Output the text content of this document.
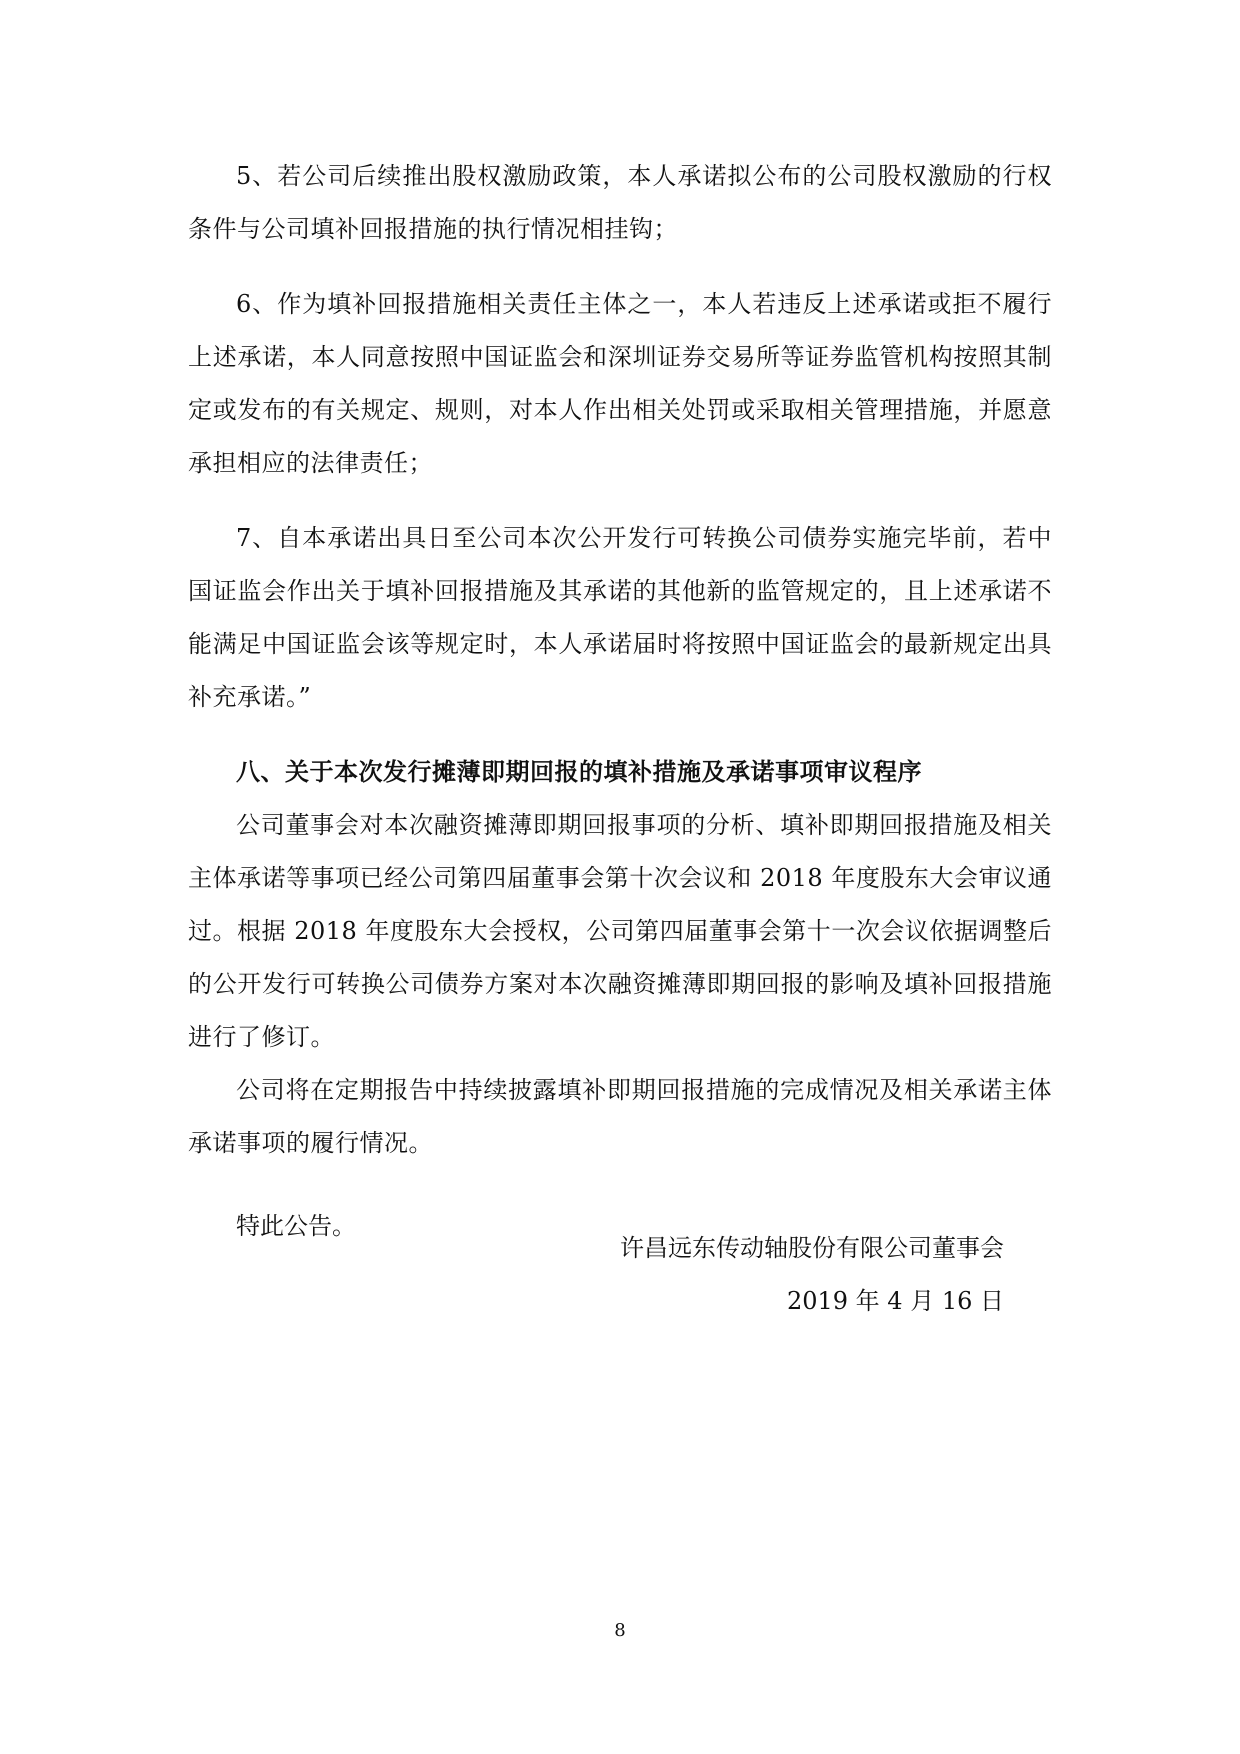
5、若公司后续推出股权激励政策，本人承诺拟公布的公司股权激励的行权条件与公司填补回报措施的执行情况相挂钩；

6、作为填补回报措施相关责任主体之一，本人若违反上述承诺或拒不履行上述承诺，本人同意按照中国证监会和深圳证券交易所等证券监管机构按照其制定或发布的有关规定、规则，对本人作出相关处罚或采取相关管理措施，并愿意承担相应的法律责任；

7、自本承诺出具日至公司本次公开发行可转换公司债券实施完毕前，若中国证监会作出关于填补回报措施及其承诺的其他新的监管规定的，且上述承诺不能满足中国证监会该等规定时，本人承诺届时将按照中国证监会的最新规定出具补充承诺。”

八、关于本次发行摊薄即期回报的填补措施及承诺事项审议程序

公司董事会对本次融资摊薄即期回报事项的分析、填补即期回报措施及相关主体承诺等事项已经公司第四届董事会第十次会议和 2018 年度股东大会审议通过。根据 2018 年度股东大会授权，公司第四届董事会第十一次会议依据调整后的公开发行可转换公司债券方案对本次融资摊薄即期回报的影响及填补回报措施进行了修订。

公司将在定期报告中持续披露填补即期回报措施的完成情况及相关承诺主体承诺事项的履行情况。

特此公告。

许昌远东传动轴股份有限公司董事会
2019 年 4 月 16 日
8
